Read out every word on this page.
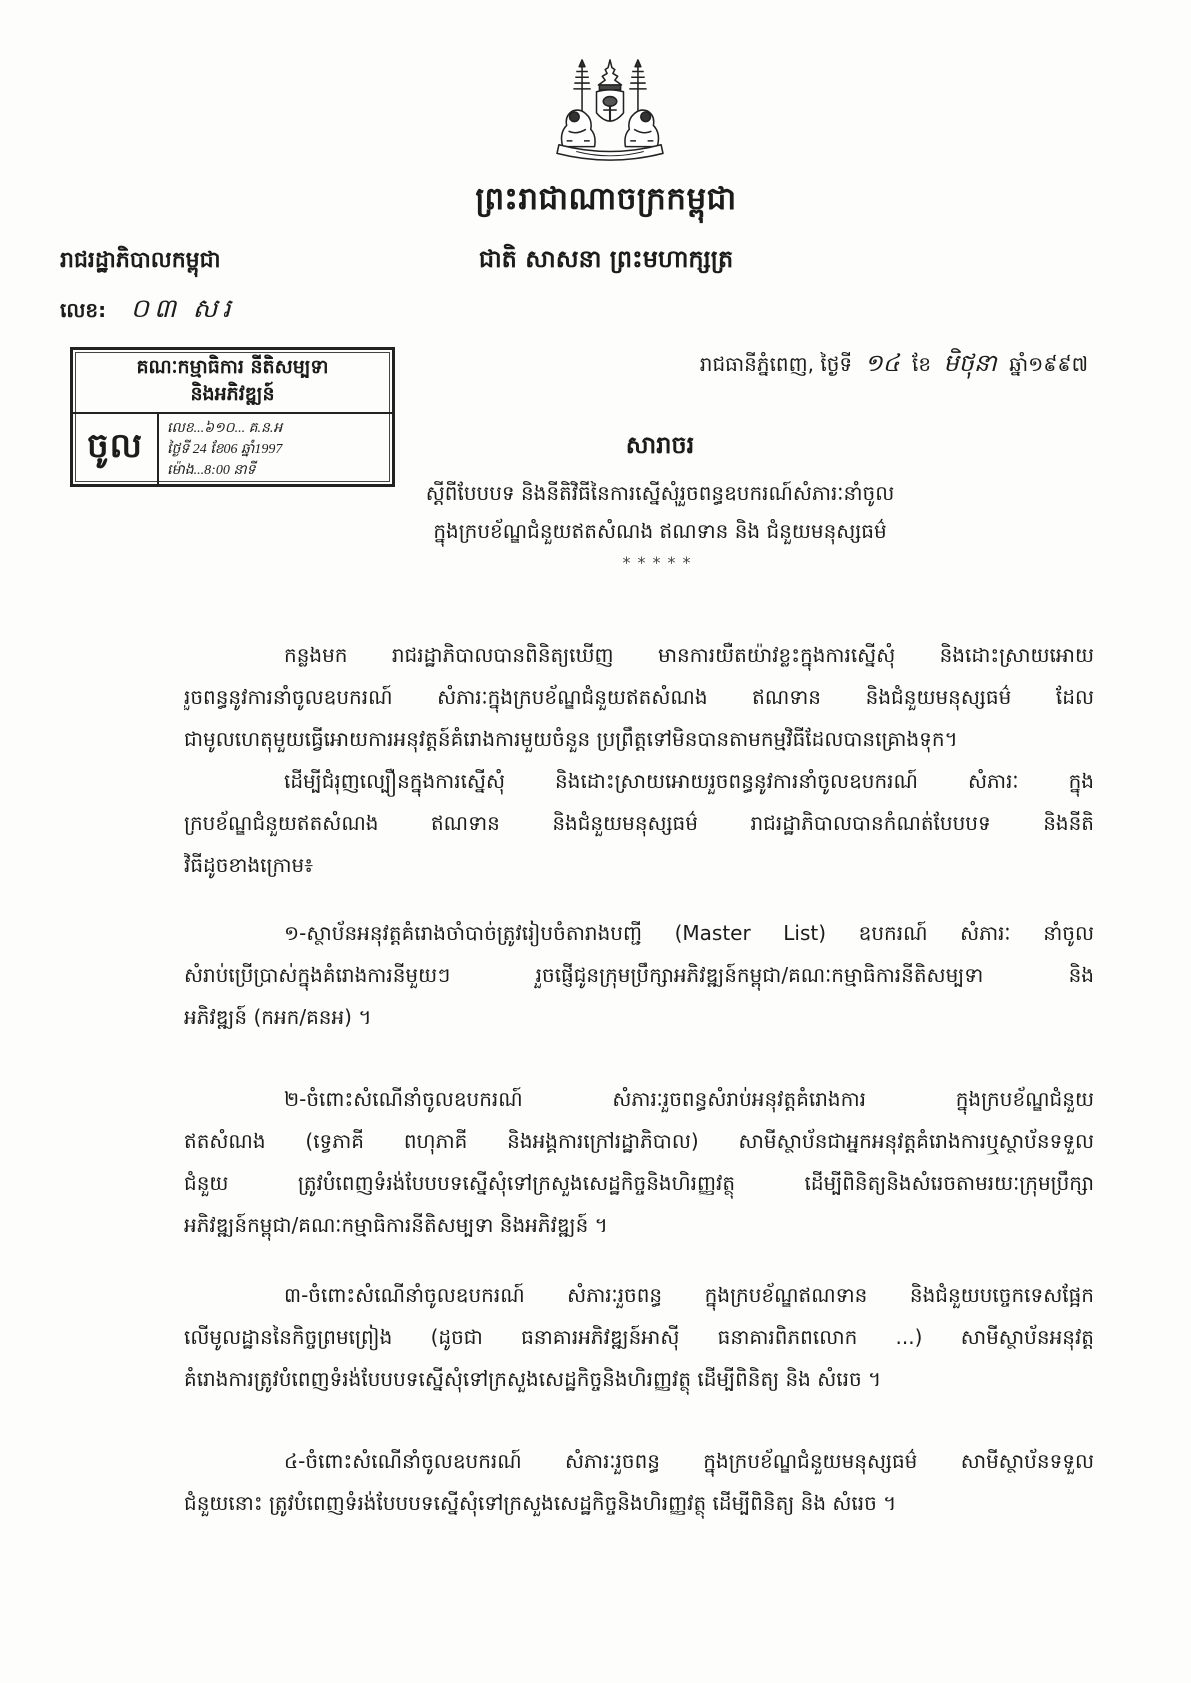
ព្រះរាជាណាចក្រកម្ពុជា
ជាតិ សាសនា ព្រះមហាក្សត្រ
រាជរដ្ឋាភិបាលកម្ពុជា
លេខ: ០៣ សរ
គណៈកម្មាធិការ នីតិសម្បទា
និងអភិវឌ្ឍន៍
ចូល	លេខ...៦១០... គ.ន.អ
ថ្ងៃទី 24 ខែ06 ឆ្នាំ1997
ម៉ោង...8:00 នាទី
រាជធានីភ្នំពេញ, ថ្ងៃទី ១៤ ខែ មិថុនា ឆ្នាំ១៩៩៧
សារាចរ
ស្តីពីបែបបទ និងនីតិវិធីនៃការស្នើសុំរួចពន្ធឧបករណ៍សំភារៈនាំចូល
ក្នុងក្របខ័ណ្ឌជំនួយឥតសំណង ឥណទាន និង ជំនួយមនុស្សធម៌
*****
កន្លងមក រាជរដ្ឋាភិបាលបានពិនិត្យឃើញ មានការយឺតយ៉ាវខ្លះក្នុងការស្នើសុំ និងដោះស្រាយអោយ
រួចពន្ធនូវការនាំចូលឧបករណ៍ សំភារៈក្នុងក្របខ័ណ្ឌជំនួយឥតសំណង ឥណទាន និងជំនួយមនុស្សធម៌ ដែល
ជាមូលហេតុមួយធ្វើអោយការអនុវត្តន៍គំរោងការមួយចំនួន ប្រព្រឹត្តទៅមិនបានតាមកម្មវិធីដែលបានគ្រោងទុក។
ដើម្បីជំរុញល្បឿនក្នុងការស្នើសុំ និងដោះស្រាយអោយរួចពន្ធនូវការនាំចូលឧបករណ៍ សំភារៈ ក្នុង
ក្របខ័ណ្ឌជំនួយឥតសំណង ឥណទាន និងជំនួយមនុស្សធម៌ រាជរដ្ឋាភិបាលបានកំណត់បែបបទ និងនីតិ
វិធីដូចខាងក្រោម៖
១-ស្ថាប័នអនុវត្តគំរោងចាំបាច់ត្រូវរៀបចំតារាងបញ្ជី (Master List) ឧបករណ៍ សំភារៈ នាំចូល
សំរាប់ប្រើប្រាស់ក្នុងគំរោងការនីមួយៗ រួចផ្ញើជូនក្រុមប្រឹក្សាអភិវឌ្ឍន៍កម្ពុជា/គណៈកម្មាធិការនីតិសម្បទា និង
អភិវឌ្ឍន៍ (កអក/គនអ) ។
២-ចំពោះសំណើនាំចូលឧបករណ៍ សំភារៈរួចពន្ធសំរាប់អនុវត្តគំរោងការ ក្នុងក្របខ័ណ្ឌជំនួយ
ឥតសំណង (ទ្វេភាគី ពហុភាគី និងអង្គការក្រៅរដ្ឋាភិបាល) សាមីស្ថាប័នជាអ្នកអនុវត្តគំរោងការឬស្ថាប័នទទួល
ជំនួយ ត្រូវបំពេញទំរង់បែបបទស្នើសុំទៅក្រសួងសេដ្ឋកិច្ចនិងហិរញ្ញវត្ថុ ដើម្បីពិនិត្យនិងសំរេចតាមរយៈក្រុមប្រឹក្សា
អភិវឌ្ឍន៍កម្ពុជា/គណៈកម្មាធិការនីតិសម្បទា និងអភិវឌ្ឍន៍ ។
៣-ចំពោះសំណើនាំចូលឧបករណ៍ សំភារៈរួចពន្ធ ក្នុងក្របខ័ណ្ឌឥណទាន និងជំនួយបច្ចេកទេសផ្អែក
លើមូលដ្ឋាននៃកិច្ចព្រមព្រៀង (ដូចជា ធនាគារអភិវឌ្ឍន៍អាស៊ី ធនាគារពិភពលោក ...) សាមីស្ថាប័នអនុវត្ត
គំរោងការត្រូវបំពេញទំរង់បែបបទស្នើសុំទៅក្រសួងសេដ្ឋកិច្ចនិងហិរញ្ញវត្ថុ ដើម្បីពិនិត្យ និង សំរេច ។
៤-ចំពោះសំណើនាំចូលឧបករណ៍ សំភារៈរួចពន្ធ ក្នុងក្របខ័ណ្ឌជំនួយមនុស្សធម៌ សាមីស្ថាប័នទទួល
ជំនួយនោះ ត្រូវបំពេញទំរង់បែបបទស្នើសុំទៅក្រសួងសេដ្ឋកិច្ចនិងហិរញ្ញវត្ថុ ដើម្បីពិនិត្យ និង សំរេច ។
